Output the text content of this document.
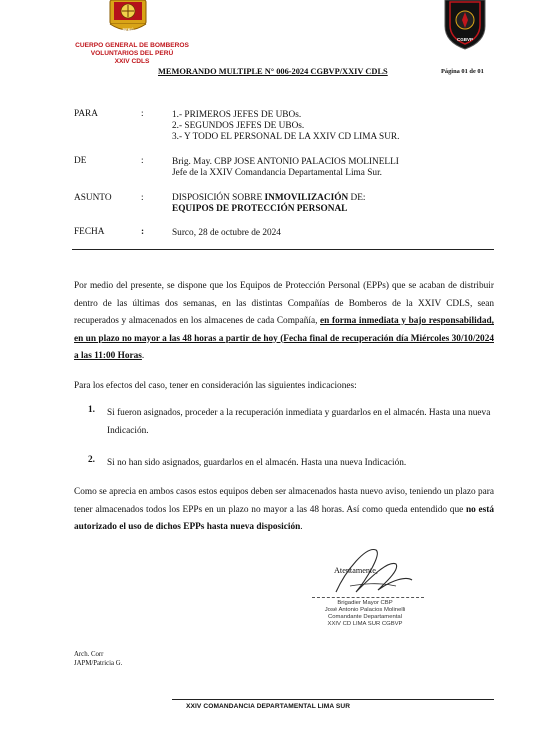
PERÚ
CUERPO GENERAL DE BOMBEROS
VOLUNTARIOS DEL PERÚ
XXIV CDLS
CGBVP
MEMORANDO MULTIPLE N° 006-2024 CGBVP/XXIV CDLS	Página 01 de 01
PARA	:	1.- PRIMEROS JEFES DE UBOs.
2.- SEGUNDOS JEFES DE UBOs.
3.- Y TODO EL PERSONAL DE LA XXIV CD LIMA SUR.
DE	:	Brig. May. CBP JOSE ANTONIO PALACIOS MOLINELLI
Jefe de la XXIV Comandancia Departamental Lima Sur.
ASUNTO	:	DISPOSICIÓN SOBRE INMOVILIZACIÓN DE:
EQUIPOS DE PROTECCIÓN PERSONAL
FECHA	:	Surco, 28 de octubre de 2024
Por medio del presente, se dispone que los Equipos de Protección Personal (EPPs) que se acaban de distribuir dentro de las últimas dos semanas, en las distintas Compañías de Bomberos de la XXIV CDLS, sean recuperados y almacenados en los almacenes de cada Compañía, en forma inmediata y bajo responsabilidad, en un plazo no mayor a las 48 horas a partir de hoy (Fecha final de recuperación día Miércoles 30/10/2024 a las 11:00 Horas.
Para los efectos del caso, tener en consideración las siguientes indicaciones:
1. Si fueron asignados, proceder a la recuperación inmediata y guardarlos en el almacén. Hasta una nueva Indicación.
2. Si no han sido asignados, guardarlos en el almacén. Hasta una nueva Indicación.
Como se aprecia en ambos casos estos equipos deben ser almacenados hasta nuevo aviso, teniendo un plazo para tener almacenados todos los EPPs en un plazo no mayor a las 48 horas. Así como queda entendido que no está autorizado el uso de dichos EPPs hasta nueva disposición.
Atentamente,
Brigadier Mayor CBP
José Antonio Palacios Molinelli
Comandante Departamental
XXIV CD LIMA SUR CGBVP
Arch. Corr
JAPM/Patricia G.
XXIV COMANDANCIA DEPARTAMENTAL LIMA SUR
